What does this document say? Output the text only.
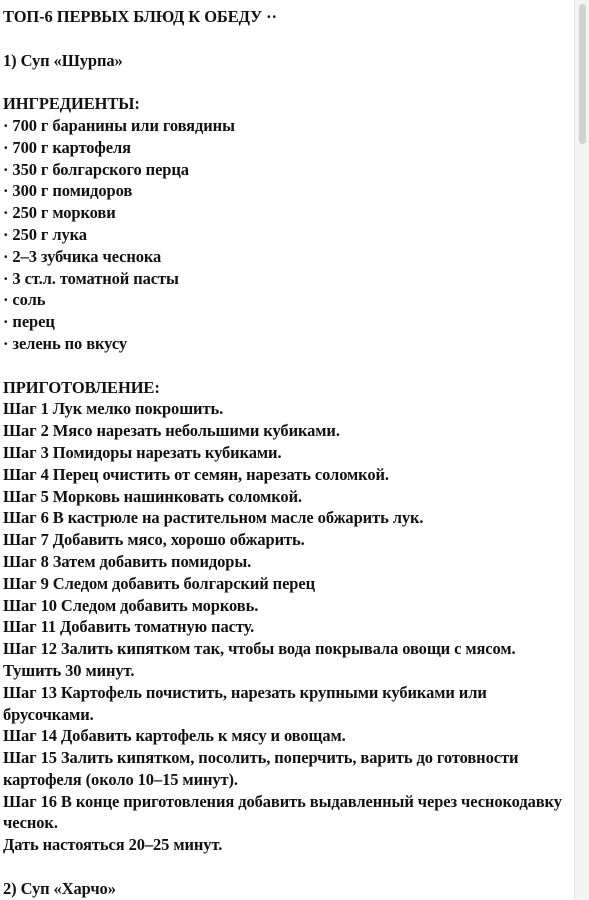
ТОП-6 ПЕРВЫХ БЛЮД К ОБЕДУ ··

1) Суп «Шурпа»

ИНГРЕДИЕНТЫ:

· 700 г баранины или говядины

· 700 г картофеля

· 350 г болгарского перца

· 300 г помидоров

· 250 г моркови

· 250 г лука

· 2–3 зубчика чеснока

· 3 ст.л. томатной пасты

· соль

· перец

· зелень по вкусу

ПРИГОТОВЛЕНИЕ:

Шаг 1 Лук мелко покрошить.

Шаг 2 Мясо нарезать небольшими кубиками.

Шаг 3 Помидоры нарезать кубиками.

Шаг 4 Перец очистить от семян, нарезать соломкой.

Шаг 5 Морковь нашинковать соломкой.

Шаг 6 В кастрюле на растительном масле обжарить лук.

Шаг 7 Добавить мясо, хорошо обжарить.

Шаг 8 Затем добавить помидоры.

Шаг 9 Следом добавить болгарский перец

Шаг 10 Следом добавить морковь.

Шаг 11 Добавить томатную пасту.

Шаг 12 Залить кипятком так, чтобы вода покрывала овощи с мясом. Тушить 30 минут.

Шаг 13 Картофель почистить, нарезать крупными кубиками или брусочками.

Шаг 14 Добавить картофель к мясу и овощам.

Шаг 15 Залить кипятком, посолить, поперчить, варить до готовности картофеля (около 10–15 минут).

Шаг 16 В конце приготовления добавить выдавленный через чеснокодавку чеснок.

Дать настояться 20–25 минут.

2) Суп «Харчо»
